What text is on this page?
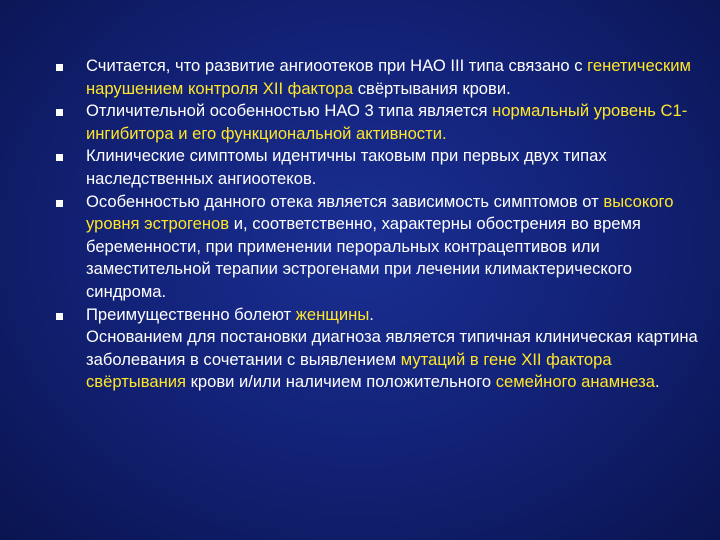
Считается, что развитие ангиоотеков при НАО III типа связано с генетическим нарушением контроля XII фактора свёртывания крови.
Отличительной особенностью НАО 3 типа является нормальный уровень С1-ингибитора и его функциональной активности.
Клинические симптомы идентичны таковым при первых двух типах наследственных ангиоотеков.
Особенностью данного отека является зависимость симптомов от высокого уровня эстрогенов и, соответственно, характерны обострения во время беременности, при применении пероральных контрацептивов или заместительной терапии эстрогенами при лечении климактерического синдрома.
Преимущественно болеют женщины.
Основанием для постановки диагноза является типичная клиническая картина заболевания в сочетании с выявлением мутаций в гене XII фактора свёртывания крови и/или наличием положительного семейного анамнеза.
